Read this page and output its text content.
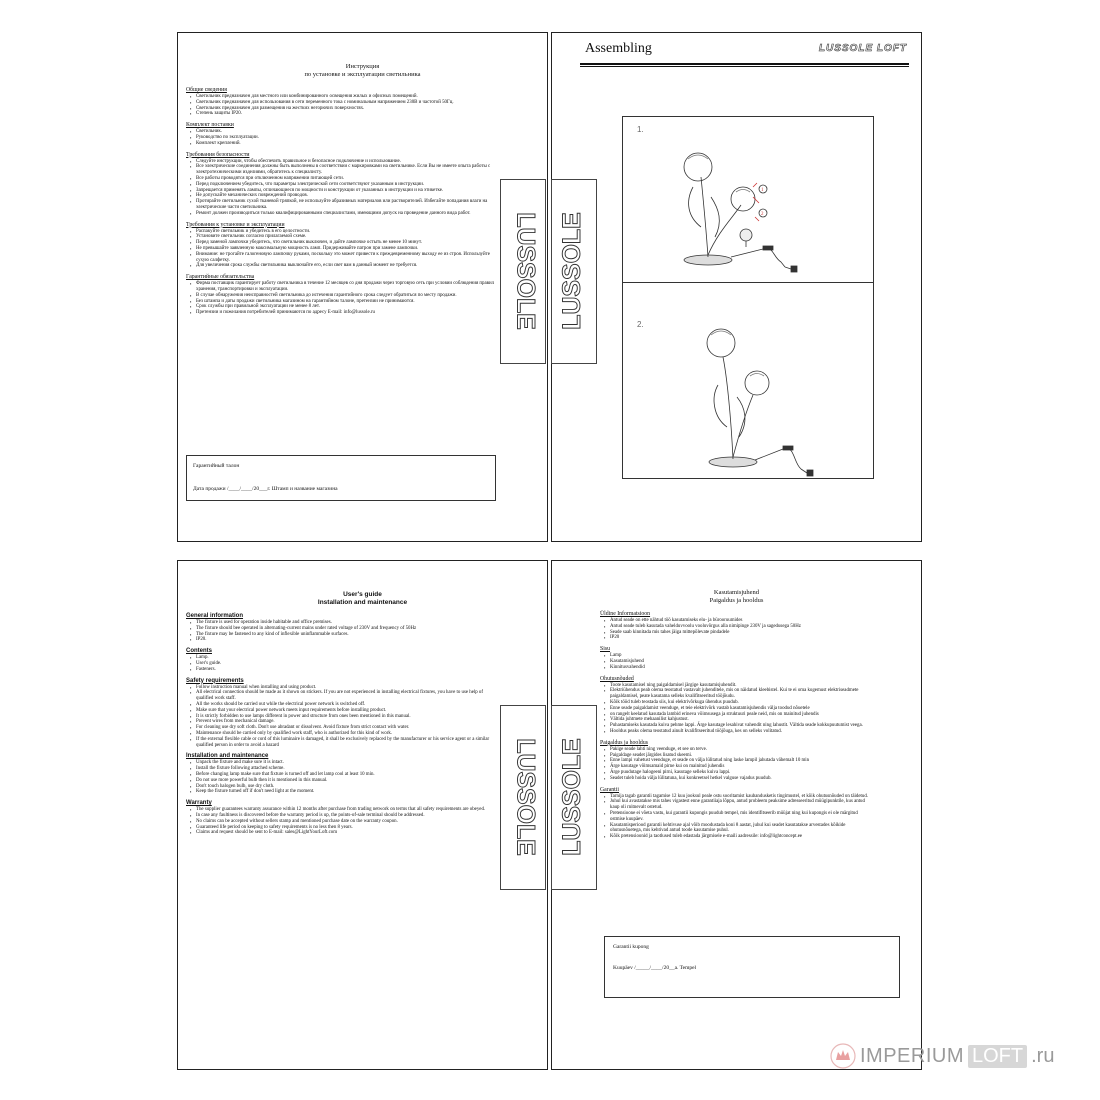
Инструкция
по установке и эксплуатации светильника
Общие сведения
▪ Светильник предназначен для местного или комбинированного освещения жилых и офисных помещений.
▪ Светильник предназначен для использования в сети переменного тока с номинальным напряжением 230В и частотой 50Гц.
▪ Светильник предназначен для размещения на жестких негорючих поверхностях.
▪ Степень защиты IP20.
Комплект поставки
▪ Светильник.
▪ Руководство по эксплуатации.
▪ Комплект креплений.
Требования безопасности
▪ Следуйте инструкции, чтобы обеспечить правильное и безопасное подключение и использование.
▪ Все электрические соединения должны быть выполнены в соответствии с маркировками на светильнике. Если Вы не имеете опыта работы с электротехническими изделиями, обратитесь к специалисту.
▪ Все работы проводятся при отключенном напряжении питающей сети.
▪ Перед подключением убедитесь, что параметры электрической сети соответствуют указанным в инструкции.
▪ Запрещается применять лампы, отличающиеся по мощности и конструкции от указанных в инструкции и на этикетке.
▪ Не допускайте механических повреждений проводов.
▪ Протирайте светильник сухой тканевой тряпкой, не используйте абразивных материалов или растворителей. Избегайте попадания влаги на электрические части светильника.
▪ Ремонт должен производиться только квалифицированными специалистами, имеющими допуск на проведение данного вида работ.
Требования к установке и эксплуатации
▪ Распакуйте светильник и убедитесь в его целостности.
▪ Установите светильник согласно прилагаемой схеме.
▪ Перед заменой лампочки убедитесь, что светильник выключен, и дайте лампочке остыть не менее 10 минут.
▪ Не превышайте заявленную максимальную мощность ламп. Придерживайте патрон при замене лампочки.
▪ Внимание: не трогайте галогеновую лампочку руками, поскольку это может привести к преждевременному выходу ее из строя. Используйте сухую салфетку.
▪ Для увеличения срока службы светильника выключайте его, если свет вам в данный момент не требуется.
Гарантийные обязательства
▪ Фирма поставщик гарантирует работу светильника в течение 12 месяцев со дня продажи через торговую сеть при условии соблюдения правил хранения, транспортировки и эксплуатации.
▪ В случае обнаружения неисправностей светильника до истечения гарантийного срока следует обратиться по месту продажи.
▪ Без штампа и даты продажи светильника магазином на гарантийном талоне, претензии не принимаются.
▪ Срок службы при правильной эксплуатации не менее 8 лет.
▪ Претензии и пожелания потребителей принимаются по адресу E-mail: info@lussole.ru
Гарантийный талон
Дата продажи /____/____/20___г. Штамп и название магазина
Assembling	LUSSOLE LOFT
1.
2.
1
2
User's guide
Installation and maintenance
General information
▪ The fixture is used for operation inside habitable and office premises.
▪ The fixture should bee operated in alternating-current mains under rated voltage of 230V and frequency of 50Hz
▪ The fixture may be fastened to any kind of inflexible uninflammable surfaces.
▪ IP20.
Contents
▪ Lamp.
▪ User's guide.
▪ Fasteners.
Safety requirements
▪ Follow instruction manual when installing and using product.
▪ All electrical connection should be made as it shown on stickers. If you are not experienced in installing electrical fixtures, you have to use help of qualified work staff.
▪ All the works should be carried out while the electrical power network is switched off.
▪ Make sure that your electrical power network meets input requirements before installing product.
▪ It is strictly forbidden to use lamps different in power and structure from ones been mentioned in this manual.
▪ Prevent wires from mechanical damage.
▪ For cleaning use dry soft cloth. Don't use abradant or dissolvent. Avoid fixture from strict contact with water.
▪ Maintenance should be carried only by qualified work staff, who is authorized for this kind of work.
▪ If the external flexible cable or cord of this luminaire is damaged, it shall be exclusively replaced by the manufacturer or his service agent or a similar qualified person in order to avoid a hazard
Installation and maintenance
▪ Unpack the fixture and make sure it is intact.
▪ Install the fixture following attached scheme.
▪ Before changing lamp make sure that fixture is turned off and let lamp cool at least 10 min.
▪ Do not use more powerful bulb then it is mentioned in this manual.
▪ Don't touch halogen bulb, use dry cloth.
▪ Keep the fixture turned off if don't need light at the moment.
Warranty
▪ The supplier guarantees warranty assurance within 12 months after purchase from trading network on terms that all safety requirements are obeyed.
▪ In case any faultiness is discovered before the warranty period is up, the points-of-sale terminal should be addressed.
▪ No claims can be accepted without sellers stamp and mentioned purchase date on the warranty coupon.
▪ Guaranteed life period on keeping to safety requirements is no less then 8 years.
▪ Claims and request should be sent to E-mail: sales@LightYourLoft.com
Kasutamisjuhend
Paigaldus ja hooldus
Üldine Informatsioon
▪ Antud seade on ette nähtud töö kasutamiseks elu- ja bürooruumides
▪ Antud seade tuleb kasutada vahelduvvoolu vooluvõrgus alla nimipinge 230V ja sagedusega 50Hz
▪ Seade saab kinnitada mis tahes jäiga mittepõlevate pindadele
▪ IP20
Sisu
▪ Lamp
▪ Kasutamisjuhend
▪ Kinnitusvahendid
Ohutusnõuded
▪ Toote kasutamisel ning paigaldamisel järgige kasutamisjuhendit.
▪ Elektriühendus peab olema teostatud vastavalt juhenditele, mis on näidatud kleebistel. Kui te ei oma kogemust elektriseadmete paigaldamisel, peate kasutama selleks kvalifitseeritud tööjõudu.
▪ Kõik tööd tuleb teostada siis, kui elektrivõrkuga ühendus puudub.
▪ Enne seade paigaldamist veenduge, et teie elektrivõrk vastab kasutamisjuhendis välja toodud nõuetele
▪ on rangelt keelatud kasutada lambid erineva võimsusega ja struktuuri peale neid, mis on mainitud juhendis
▪ Vältida juhtmete mehaanilist kahjustust.
▪ Puhastamiseks kasutada kuiva pehme lappi. Ärge kasutage lesahivat vahendit ning lahustit. Vältida seade kokkupuutumist veega.
▪ Hooldus peaks olema teostatud ainult kvalifitseeritud tööjõuga, kes on selleks volitatud.
Paigaldus ja hooldus
▪ Pakige seade lahti ning veenduge, et see on terve.
▪ Paigaldage seadet järgides lisatud skeemi.
▪ Enne lampi vahetust veenduge, et seade on välja lülitatud ning laske lampil jahutada vähemalt 10 min
▪ Ärge kasutage võimsamaid pirne kui on mainitud juhendis
▪ Ärge puudutage halogeeni pirni, kasutage selleks kuiva lappi.
▪ Seadet tuleb hoida välja lülitatuna, kui konkreetsel hetkel valguse vajadus puudub.
Garantii
▪ Tarnija tagab garantii tagamise 12 kuu jooksul peale ostu sooritamist kaubandusketis tingimustel, et kõik ohutusnõuded on täidetud.
▪ Juhul kui avastatakse mis tahes vigastest enne garantiiaja lõppu, antud probleem peaksime adresseeritud müügipunktile, kus antud kaup oli rnitnevalt ostetud.
▪ Pretensioone ei võeta vastu, kui garantii kupongis puudub tempel, mis identifitseerib müüjat ning kui kupongis ei ole märgitud ostmise kuupäev.
▪ Kasutamisperiood garantii kehtivuse ajal võib moodustada koni 8 aastat, juhul kui seadet kasutatakse arvestades kõikide ohutusnõuetega, mis kehtivad antud toode kasutamise puhul.
▪ Kõik pretensioonid ja taotlused tuleb edastada järgmisele e-maili aadressile: info@lightconcept.ee
Garantii kupong
Kuupäev /_____/____/20__a. Tempel
LUSSOLE LUSSOLE
LUSSOLE LUSSOLE
IMPERIUM LOFT .ru
